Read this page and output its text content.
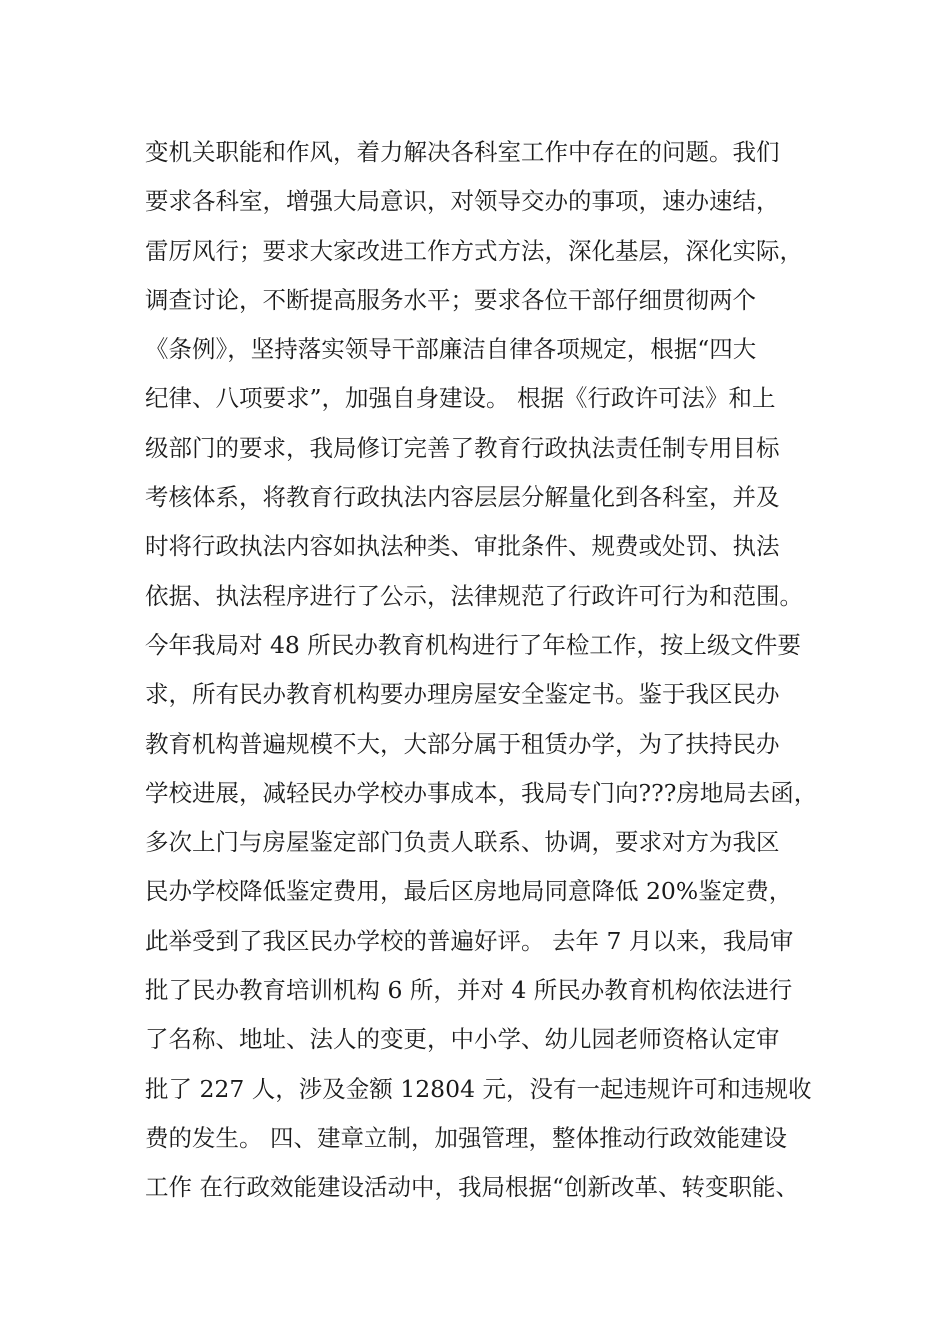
变机关职能和作风，着力解决各科室工作中存在的问题。我们
要求各科室，增强大局意识，对领导交办的事项，速办速结，
雷厉风行；要求大家改进工作方式方法，深化基层，深化实际，
调查讨论，不断提高服务水平；要求各位干部仔细贯彻两个
《条例》，坚持落实领导干部廉洁自律各项规定，根据“四大
纪律、八项要求”，加强自身建设。 根据《行政许可法》和上
级部门的要求，我局修订完善了教育行政执法责任制专用目标
考核体系，将教育行政执法内容层层分解量化到各科室，并及
时将行政执法内容如执法种类、审批条件、规费或处罚、执法
依据、执法程序进行了公示，法律规范了行政许可行为和范围。
今年我局对 48 所民办教育机构进行了年检工作，按上级文件要
求，所有民办教育机构要办理房屋安全鉴定书。鉴于我区民办
教育机构普遍规模不大，大部分属于租赁办学，为了扶持民办
学校进展，减轻民办学校办事成本，我局专门向???房地局去函，
多次上门与房屋鉴定部门负责人联系、协调，要求对方为我区
民办学校降低鉴定费用，最后区房地局同意降低 20%鉴定费，
此举受到了我区民办学校的普遍好评。 去年 7 月以来，我局审
批了民办教育培训机构 6 所，并对 4 所民办教育机构依法进行
了名称、地址、法人的变更，中小学、幼儿园老师资格认定审
批了 227 人，涉及金额 12804 元，没有一起违规许可和违规收
费的发生。 四、建章立制，加强管理，整体推动行政效能建设
工作 在行政效能建设活动中，我局根据“创新改革、转变职能、
